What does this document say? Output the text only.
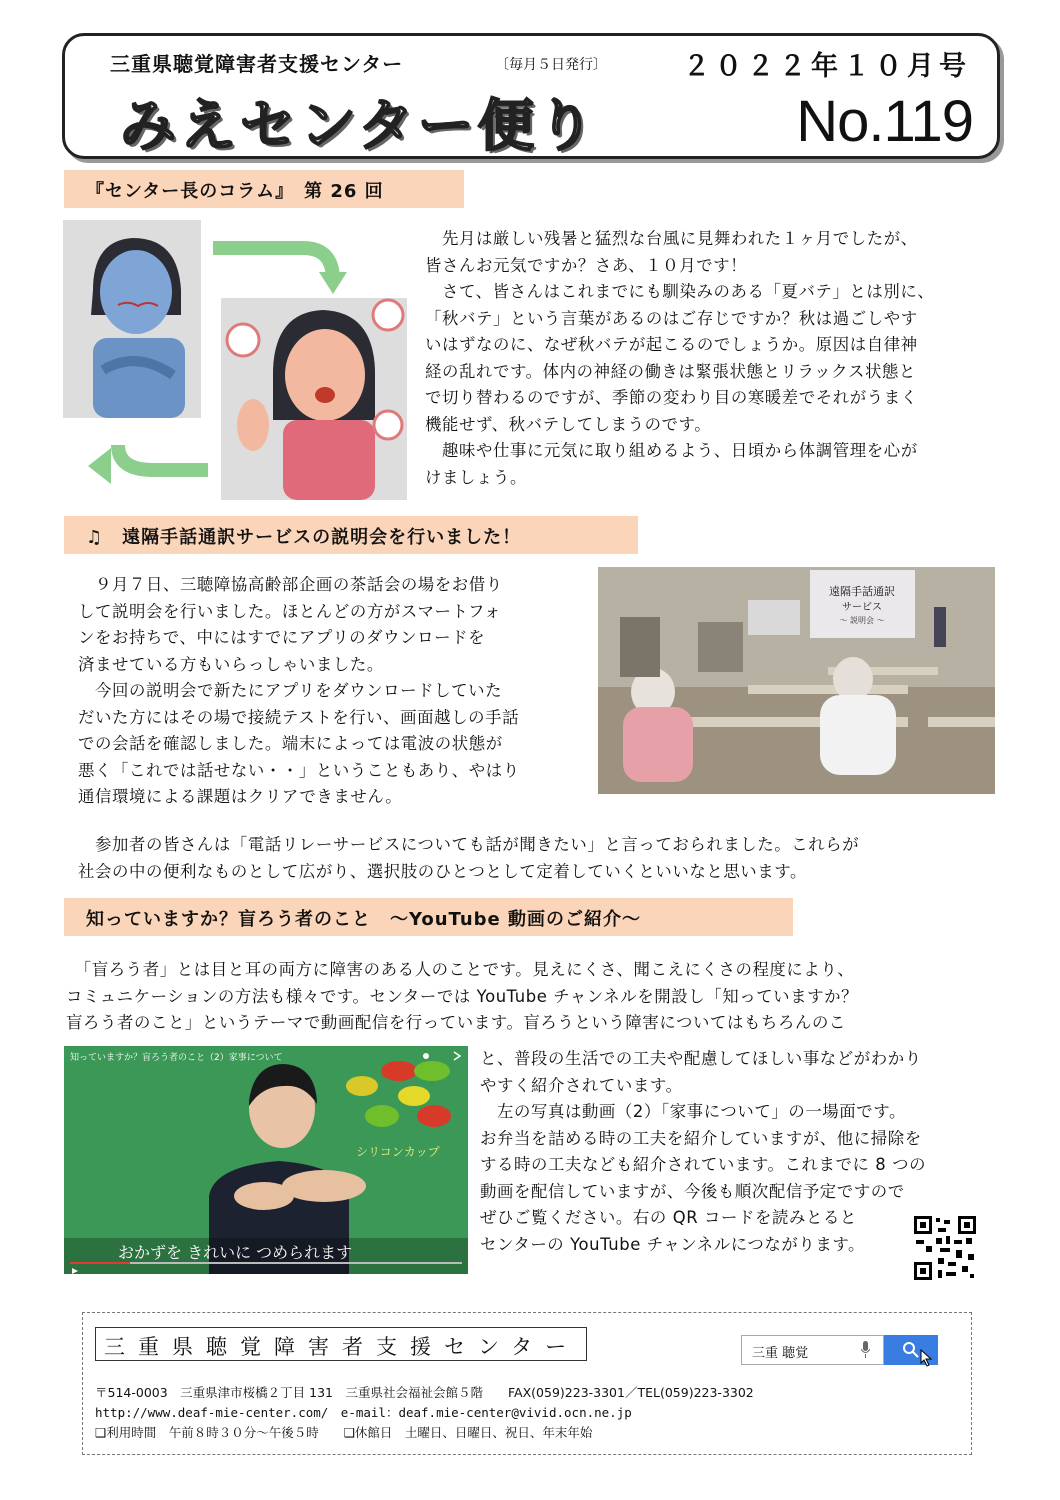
三重県聴覚障害者支援センター	〔毎月５日発行〕	２０２２年１０月号
みえセンター便り	No.119
『センター長のコラム』　第 26 回
　先月は厳しい残暑と猛烈な台風に見舞われた１ヶ月でしたが、
皆さんお元気ですか？さあ、１０月です！
　さて、皆さんはこれまでにも馴染みのある「夏バテ」とは別に、
「秋バテ」という言葉があるのはご存じですか？秋は過ごしやす
いはずなのに、なぜ秋バテが起こるのでしょうか。原因は自律神
経の乱れです。体内の神経の働きは緊張状態とリラックス状態と
で切り替わるのですが、季節の変わり目の寒暖差でそれがうまく
機能せず、秋バテしてしまうのです。
　趣味や仕事に元気に取り組めるよう、日頃から体調管理を心が
けましょう。
♫　遠隔手話通訳サービスの説明会を行いました！
　９月７日、三聴障協高齢部企画の茶話会の場をお借り
して説明会を行いました。ほとんどの方がスマートフォ
ンをお持ちで、中にはすでにアプリのダウンロードを
済ませている方もいらっしゃいました。
　今回の説明会で新たにアプリをダウンロードしていた
だいた方にはその場で接続テストを行い、画面越しの手話
での会話を確認しました。端末によっては電波の状態が
悪く「これでは話せない・・」ということもあり、やはり
通信環境による課題はクリアできません。
遠隔手話通訳
サービス
～ 説明会 ～
　参加者の皆さんは「電話リレーサービスについても話が聞きたい」と言っておられました。これらが
社会の中の便利なものとして広がり、選択肢のひとつとして定着していくといいなと思います。
知っていますか？盲ろう者のこと　～YouTube 動画のご紹介～
　「盲ろう者」とは目と耳の両方に障害のある人のことです。見えにくさ、聞こえにくさの程度により、
コミュニケーションの方法も様々です。センターでは YouTube チャンネルを開設し「知っていますか？
盲ろう者のこと」というテーマで動画配信を行っています。盲ろうという障害についてはもちろんのこ
知っていますか？盲ろう者のこと（2）家事について
シリコンカップ
おかずを きれいに つめられます
と、普段の生活での工夫や配慮してほしい事などがわかり
やすく紹介されています。
　左の写真は動画（2）「家事について」の一場面です。
お弁当を詰める時の工夫を紹介していますが、他に掃除を
する時の工夫なども紹介されています。これまでに 8 つの
動画を配信していますが、今後も順次配信予定ですので
ぜひご覧ください。右の QR コードを読みとると
センターの YouTube チャンネルにつながります。
三重県聴覚障害者支援センター	三重 聴覚
〒514-0003　三重県津市桜橋２丁目 131　三重県社会福祉会館５階　　FAX(059)223-3301／TEL(059)223-3302
http://www.deaf-mie-center.com/　e-mail：deaf.mie-center@vivid.ocn.ne.jp
❑利用時間　午前８時３０分～午後５時　　❑休館日　土曜日、日曜日、祝日、年末年始
